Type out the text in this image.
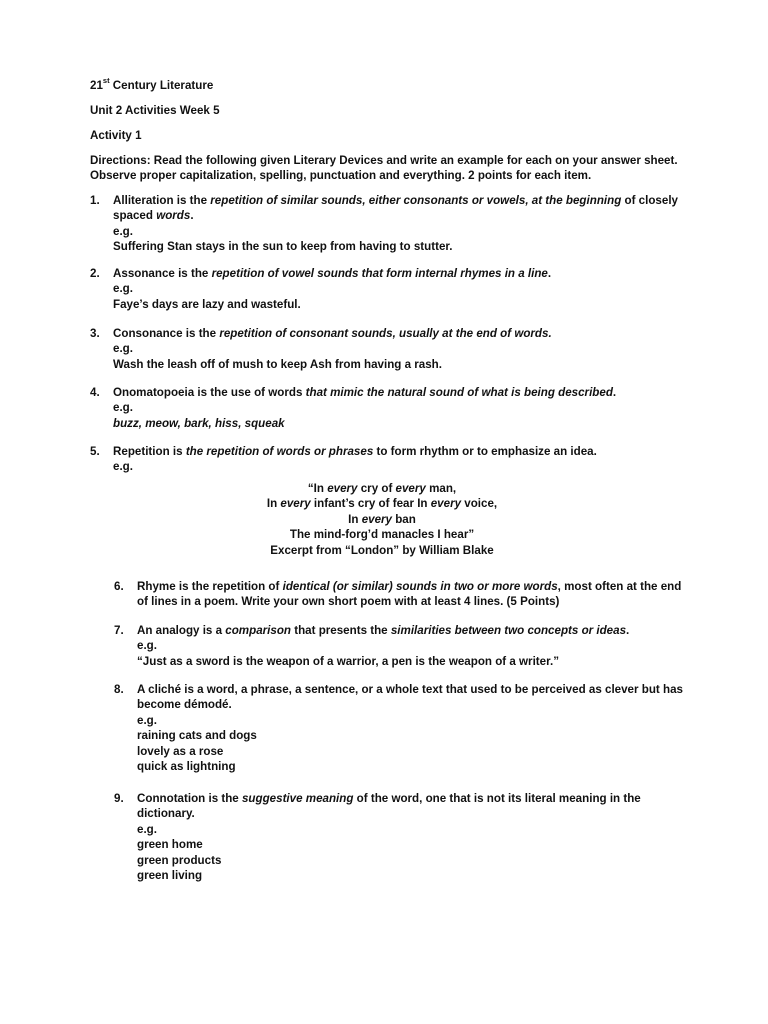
21st Century Literature
Unit 2 Activities Week 5
Activity 1
Directions: Read the following given Literary Devices and write an example for each on your answer sheet. Observe proper capitalization, spelling, punctuation and everything. 2 points for each item.
1. Alliteration is the repetition of similar sounds, either consonants or vowels, at the beginning of closely spaced words.
e.g.
Suffering Stan stays in the sun to keep from having to stutter.
2. Assonance is the repetition of vowel sounds that form internal rhymes in a line.
e.g.
Faye’s days are lazy and wasteful.
3. Consonance is the repetition of consonant sounds, usually at the end of words.
e.g.
Wash the leash off of mush to keep Ash from having a rash.
4. Onomatopoeia is the use of words that mimic the natural sound of what is being described.
e.g.
buzz, meow, bark, hiss, squeak
5. Repetition is the repetition of words or phrases to form rhythm or to emphasize an idea.
e.g.
“In every cry of every man,
In every infant’s cry of fear In every voice,
In every ban
The mind-forg’d manacles I hear”
Excerpt from “London” by William Blake
6. Rhyme is the repetition of identical (or similar) sounds in two or more words, most often at the end of lines in a poem. Write your own short poem with at least 4 lines. (5 Points)
7. An analogy is a comparison that presents the similarities between two concepts or ideas.
e.g.
“Just as a sword is the weapon of a warrior, a pen is the weapon of a writer.”
8. A cliché is a word, a phrase, a sentence, or a whole text that used to be perceived as clever but has become démodé.
e.g.
raining cats and dogs
lovely as a rose
quick as lightning
9. Connotation is the suggestive meaning of the word, one that is not its literal meaning in the dictionary.
e.g.
green home
green products
green living
